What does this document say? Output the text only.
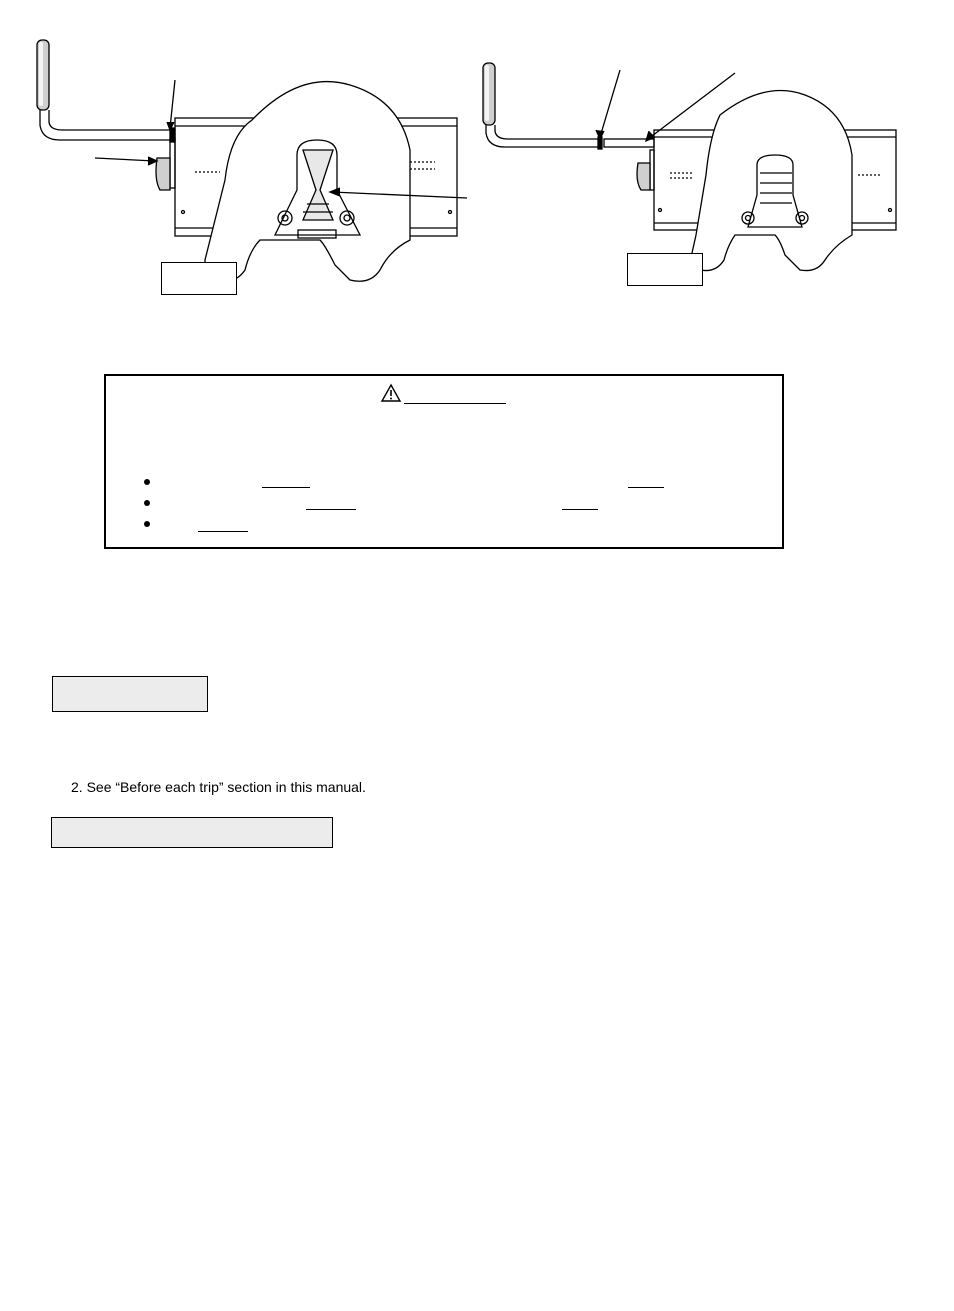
2. See “Before each trip” section in this manual.
